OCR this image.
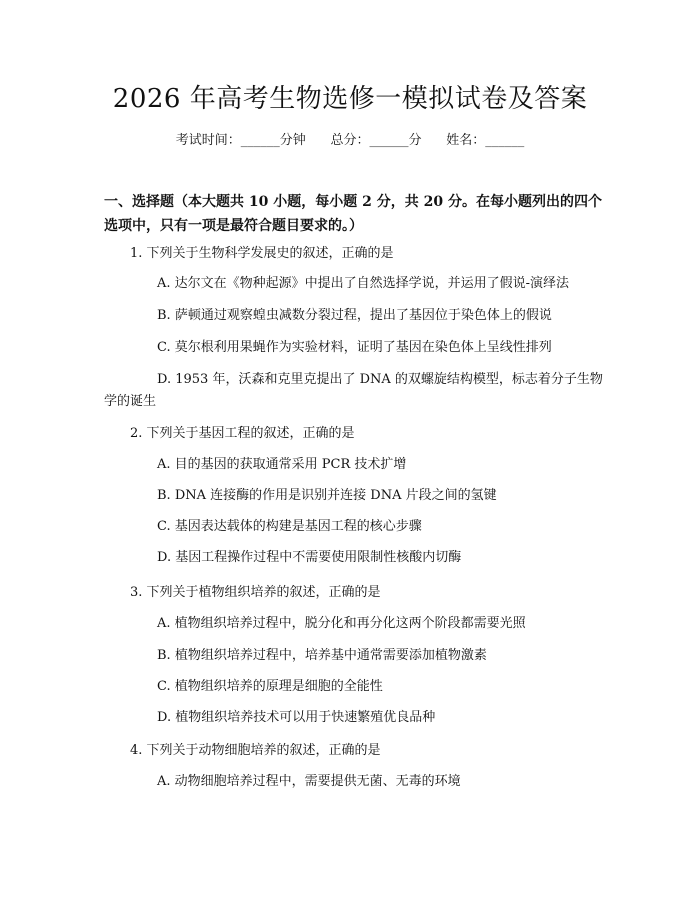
2026 年高考生物选修一模拟试卷及答案
考试时间：______分钟      总分：______分      姓名：______
一、选择题（本大题共 10 小题，每小题 2 分，共 20 分。在每小题列出的四个选项中，只有一项是最符合题目要求的。）
1. 下列关于生物科学发展史的叙述，正确的是
A. 达尔文在《物种起源》中提出了自然选择学说，并运用了假说-演绎法
B. 萨顿通过观察蝗虫减数分裂过程，提出了基因位于染色体上的假说
C. 莫尔根利用果蝇作为实验材料，证明了基因在染色体上呈线性排列
D. 1953 年，沃森和克里克提出了 DNA 的双螺旋结构模型，标志着分子生物学的诞生
2. 下列关于基因工程的叙述，正确的是
A. 目的基因的获取通常采用 PCR 技术扩增
B. DNA 连接酶的作用是识别并连接 DNA 片段之间的氢键
C. 基因表达载体的构建是基因工程的核心步骤
D. 基因工程操作过程中不需要使用限制性核酸内切酶
3. 下列关于植物组织培养的叙述，正确的是
A. 植物组织培养过程中，脱分化和再分化这两个阶段都需要光照
B. 植物组织培养过程中，培养基中通常需要添加植物激素
C. 植物组织培养的原理是细胞的全能性
D. 植物组织培养技术可以用于快速繁殖优良品种
4. 下列关于动物细胞培养的叙述，正确的是
A. 动物细胞培养过程中，需要提供无菌、无毒的环境
